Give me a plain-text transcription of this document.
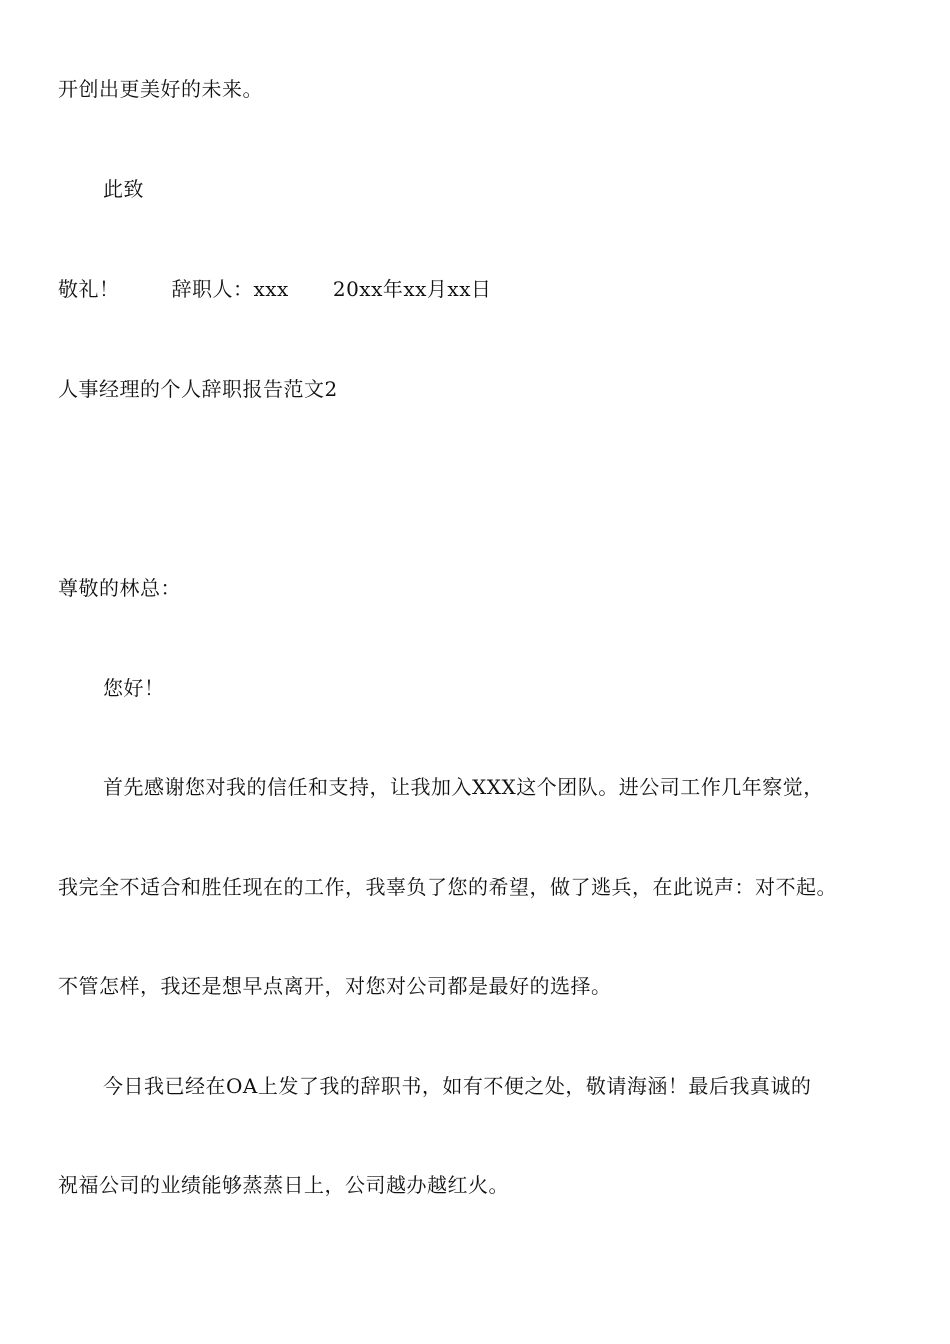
开创出更美好的未来。
此致
敬礼！	辞职人：xxx 20xx年xx月xx日
人事经理的个人辞职报告范文2
尊敬的林总：
您好！
首先感谢您对我的信任和支持，让我加入XXX这个团队。进公司工作几年察觉，
我完全不适合和胜任现在的工作，我辜负了您的希望，做了逃兵，在此说声：对不起。
不管怎样，我还是想早点离开，对您对公司都是最好的选择。
今日我已经在OA上发了我的辞职书，如有不便之处，敬请海涵！最后我真诚的
祝福公司的业绩能够蒸蒸日上，公司越办越红火。
